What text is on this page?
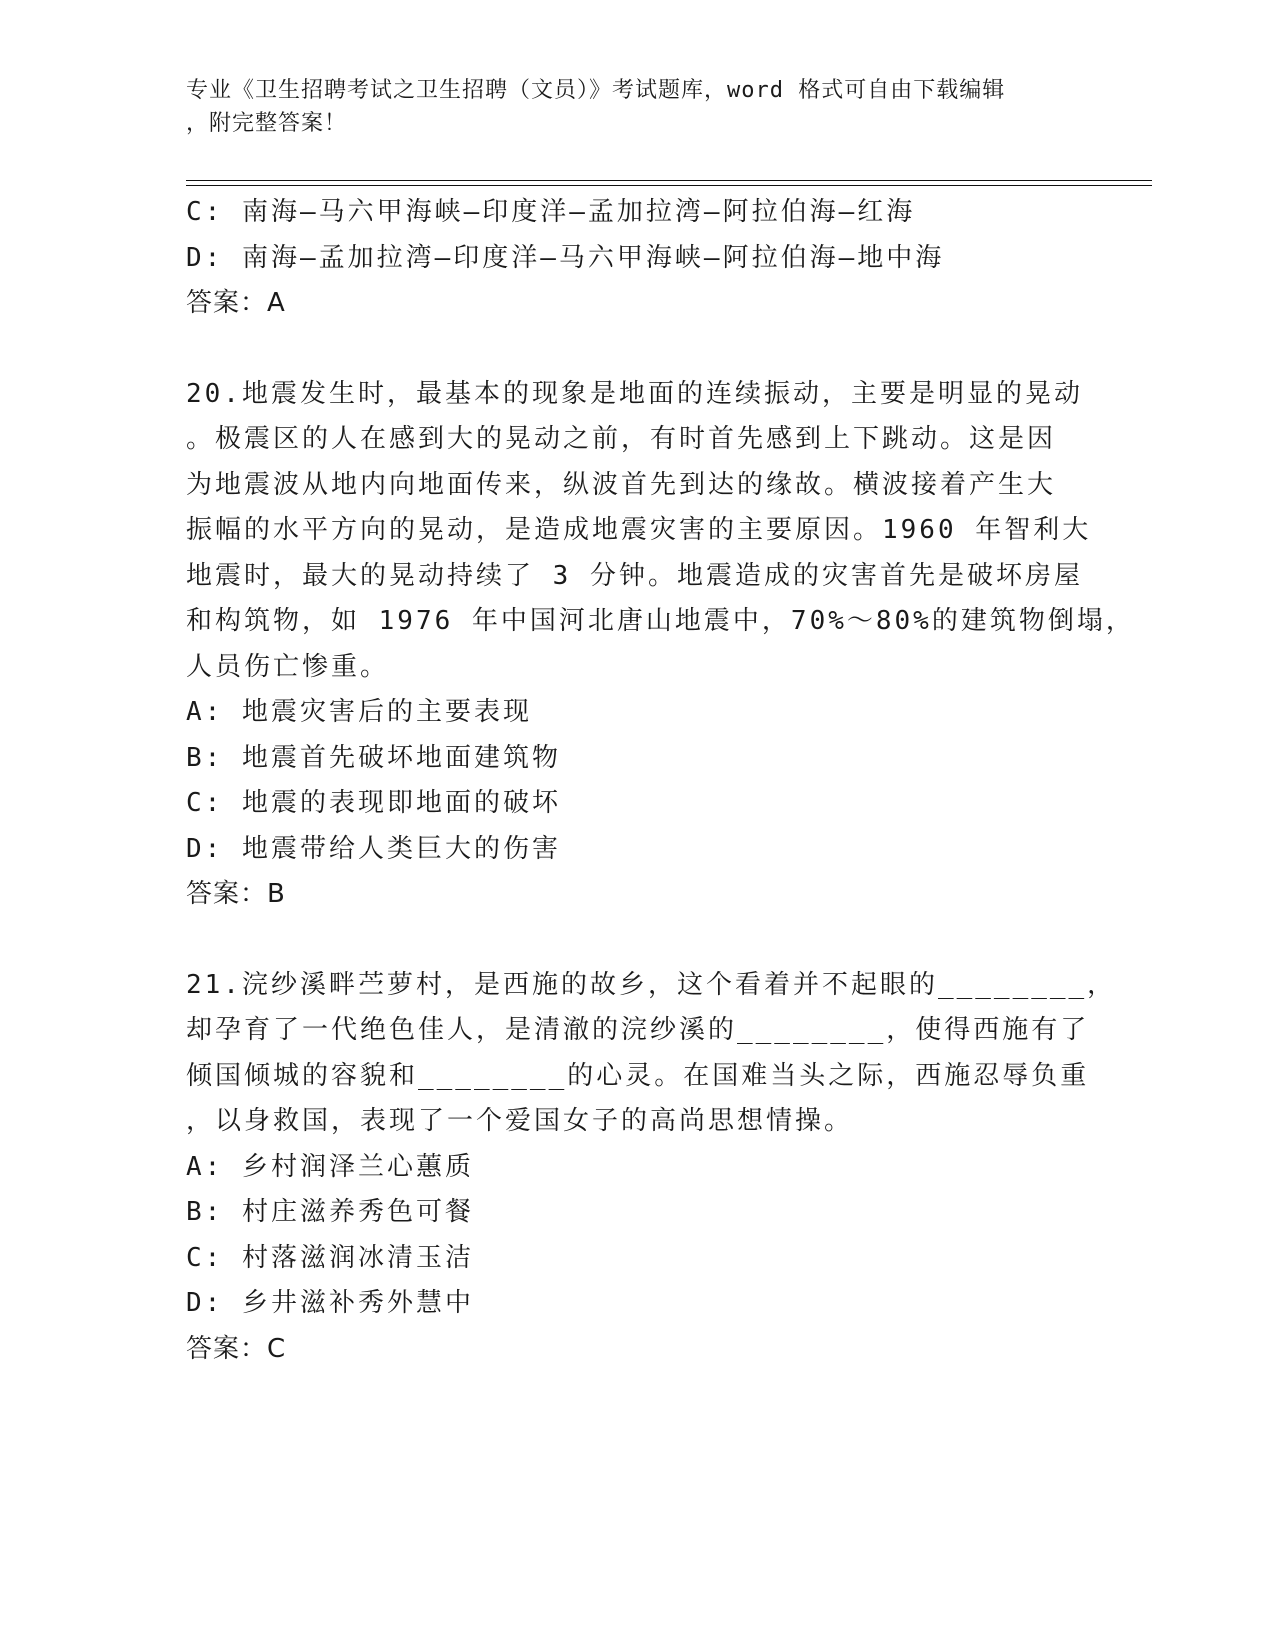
专业《卫生招聘考试之卫生招聘（文员）》考试题库，word 格式可自由下载编辑
，附完整答案！
C: 南海—马六甲海峡—印度洋—孟加拉湾—阿拉伯海—红海
D: 南海—孟加拉湾—印度洋—马六甲海峡—阿拉伯海—地中海
答案：A
20.地震发生时，最基本的现象是地面的连续振动，主要是明显的晃动
。极震区的人在感到大的晃动之前，有时首先感到上下跳动。这是因
为地震波从地内向地面传来，纵波首先到达的缘故。横波接着产生大
振幅的水平方向的晃动，是造成地震灾害的主要原因。1960 年智利大
地震时，最大的晃动持续了 3 分钟。地震造成的灾害首先是破坏房屋
和构筑物，如 1976 年中国河北唐山地震中，70%～80%的建筑物倒塌，
人员伤亡惨重。
A: 地震灾害后的主要表现
B: 地震首先破坏地面建筑物
C: 地震的表现即地面的破坏
D: 地震带给人类巨大的伤害
答案：B
21.浣纱溪畔苎萝村，是西施的故乡，这个看着并不起眼的________，
却孕育了一代绝色佳人，是清澈的浣纱溪的________，使得西施有了
倾国倾城的容貌和________的心灵。在国难当头之际，西施忍辱负重
，以身救国，表现了一个爱国女子的高尚思想情操。
A: 乡村润泽兰心蕙质
B: 村庄滋养秀色可餐
C: 村落滋润冰清玉洁
D: 乡井滋补秀外慧中
答案：C
